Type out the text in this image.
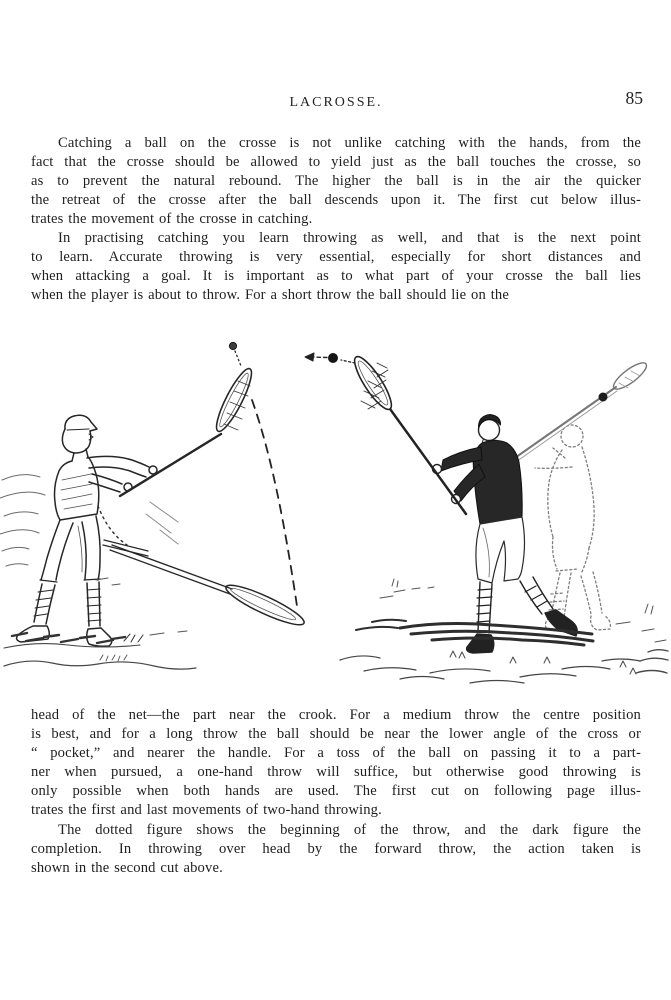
LACROSSE.	85
Catching a ball on the crosse is not unlike catching with the hands, from the
fact that the crosse should be allowed to yield just as the ball touches the crosse, so
as to prevent the natural rebound. The higher the ball is in the air the quicker
the retreat of the crosse after the ball descends upon it. The first cut below illus-
trates the movement of the crosse in catching.
In practising catching you learn throwing as well, and that is the next point
to learn. Accurate throwing is very essential, especially for short distances and
when attacking a goal. It is important as to what part of your crosse the ball lies
when the player is about to throw. For a short throw the ball should lie on the
head of the net—the part near the crook. For a medium throw the centre position
is best, and for a long throw the ball should be near the lower angle of the cross or
“ pocket,” and nearer the handle. For a toss of the ball on passing it to a part-
ner when pursued, a one-hand throw will suffice, but otherwise good throwing is
only possible when both hands are used. The first cut on following page illus-
trates the first and last movements of two-hand throwing.
The dotted figure shows the beginning of the throw, and the dark figure the
completion. In throwing over head by the forward throw, the action taken is
shown in the second cut above.
